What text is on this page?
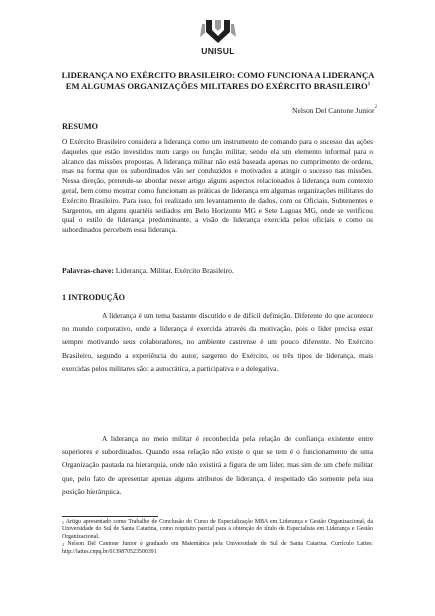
UNISUL
LIDERANÇA NO EXÉRCITO BRASILEIRO: COMO FUNCIONA A LIDERANÇA EM ALGUMAS ORGANIZAÇÕES MILITARES DO EXÉRCITO BRASILEIRO$^1$
Nelson Del Cantone Junior$^2$
RESUMO

O Exército Brasileiro considera a liderança como um instrumento de comando para o sucesso das ações daqueles que estão investidos num cargo ou função militar, sendo ela um elemento informal para o alcance das missões propostas. A liderança militar não está baseada apenas no cumprimento de ordens, mas na forma que os subordinados vão ser conduzidos e motivados a atingir o sucesso nas missões. Nessa direção, pretende-se abordar nesse artigo alguns aspectos relacionados à liderança num contexto geral, bem como mostrar como funcionam as práticas de liderança em algumas organizações militares do Exército Brasileiro. Para isso, foi realizado um levantamento de dados, com os Oficiais, Subtenentes e Sargentos, em alguns quartéis sediados em Belo Horizonte MG e Sete Lagoas MG, onde se verificou qual o estilo de liderança predominante, a visão de liderança exercida pelos oficiais e como os subordinados percebem essa liderança.

Palavras-chave: Liderança. Militar. Exército Brasileiro.
1 INTRODUÇÃO

A liderança é um tema bastante discutido e de difícil definição. Diferente do que acontece no mundo corporativo, onde a liderança é exercida através da motivação, pois o líder precisa estar sempre motivando seus colaboradores, no ambiente castrense é um pouco diferente. No Exército Brasileiro, segundo a experiência do autor, sargento do Exército, os três tipos de liderança, mais exercidas pelos militares são: a autocrática, a participativa e a delegativa.

A liderança no meio militar é reconhecida pela relação de confiança existente entre superiores e subordinados. Quando essa relação não existe o que se tem é o funcionamento de uma Organização pautada na hierarquia, onde não existirá a figura de um líder, mas sim de um chefe militar que, pelo fato de apresentar apenas alguns atributos de liderança, é respeitado tão somente pela sua posição hierárquica.

$^1$ Artigo apresentado como Trabalho de Conclusão do Curso de Especialização MBA em Liderança e Gestão Organizacional, da Universidade do Sul de Santa Catarina, como requisito parcial para a obtenção do título de Especialista em Liderança e Gestão Organizacional.

$^2$ Nelson Del Cantone Junior é graduado em Matemática pela Universidade do Sul de Santa Catarina. Currículo Lattes: http://lattes.cnpq.br/0139870523500391
